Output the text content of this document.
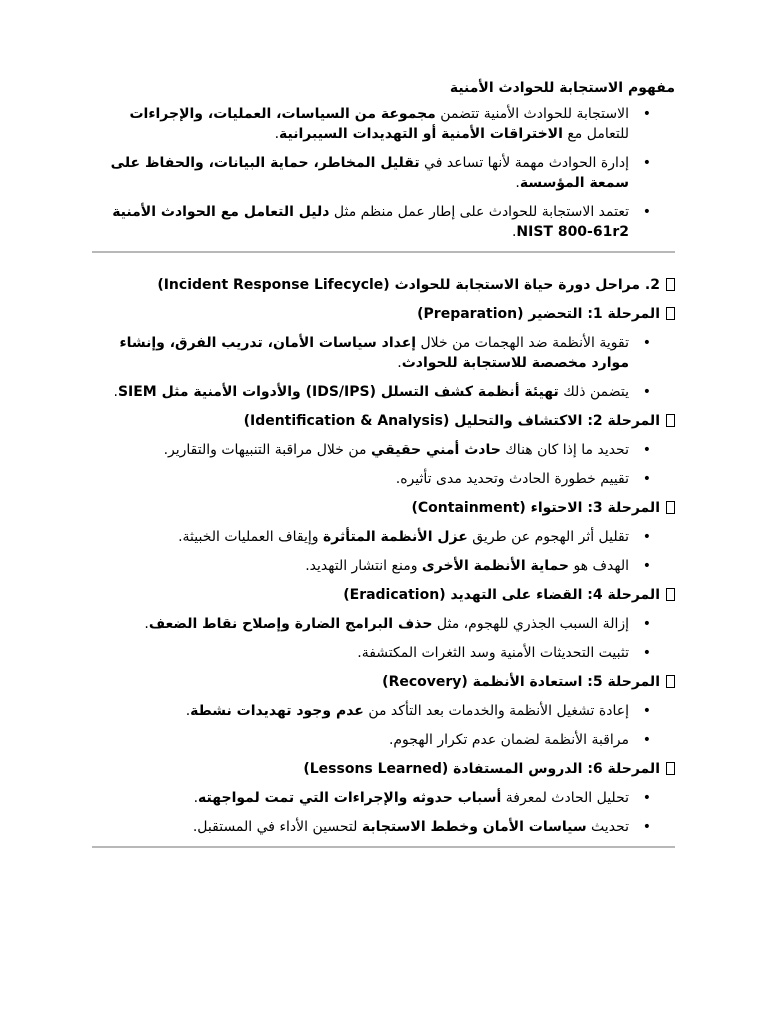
مفهوم الاستجابة للحوادث الأمنية
•
الاستجابة للحوادث الأمنية تتضمن مجموعة من السياسات، العمليات، والإجراءات للتعامل مع الاختراقات الأمنية أو التهديدات السيبرانية.
•
إدارة الحوادث مهمة لأنها تساعد في تقليل المخاطر، حماية البيانات، والحفاظ على سمعة المؤسسة.
•
تعتمد الاستجابة للحوادث على إطار عمل منظم مثل دليل التعامل مع الحوادث الأمنية NIST 800-61r2.
2. مراحل دورة حياة الاستجابة للحوادث (Incident Response Lifecycle)
المرحلة 1: التحضير (Preparation)
•
تقوية الأنظمة ضد الهجمات من خلال إعداد سياسات الأمان، تدريب الفرق، وإنشاء موارد مخصصة للاستجابة للحوادث.
•
يتضمن ذلك تهيئة أنظمة كشف التسلل (IDS/IPS) والأدوات الأمنية مثل SIEM.
المرحلة 2: الاكتشاف والتحليل (Identification & Analysis)
•
تحديد ما إذا كان هناك حادث أمني حقيقي من خلال مراقبة التنبيهات والتقارير.
•
تقييم خطورة الحادث وتحديد مدى تأثيره.
المرحلة 3: الاحتواء (Containment)
•
تقليل أثر الهجوم عن طريق عزل الأنظمة المتأثرة وإيقاف العمليات الخبيثة.
•
الهدف هو حماية الأنظمة الأخرى ومنع انتشار التهديد.
المرحلة 4: القضاء على التهديد (Eradication)
•
إزالة السبب الجذري للهجوم، مثل حذف البرامج الضارة وإصلاح نقاط الضعف.
•
تثبيت التحديثات الأمنية وسد الثغرات المكتشفة.
المرحلة 5: استعادة الأنظمة (Recovery)
•
إعادة تشغيل الأنظمة والخدمات بعد التأكد من عدم وجود تهديدات نشطة.
•
مراقبة الأنظمة لضمان عدم تكرار الهجوم.
المرحلة 6: الدروس المستفادة (Lessons Learned)
•
تحليل الحادث لمعرفة أسباب حدوثه والإجراءات التي تمت لمواجهته.
•
تحديث سياسات الأمان وخطط الاستجابة لتحسين الأداء في المستقبل.
